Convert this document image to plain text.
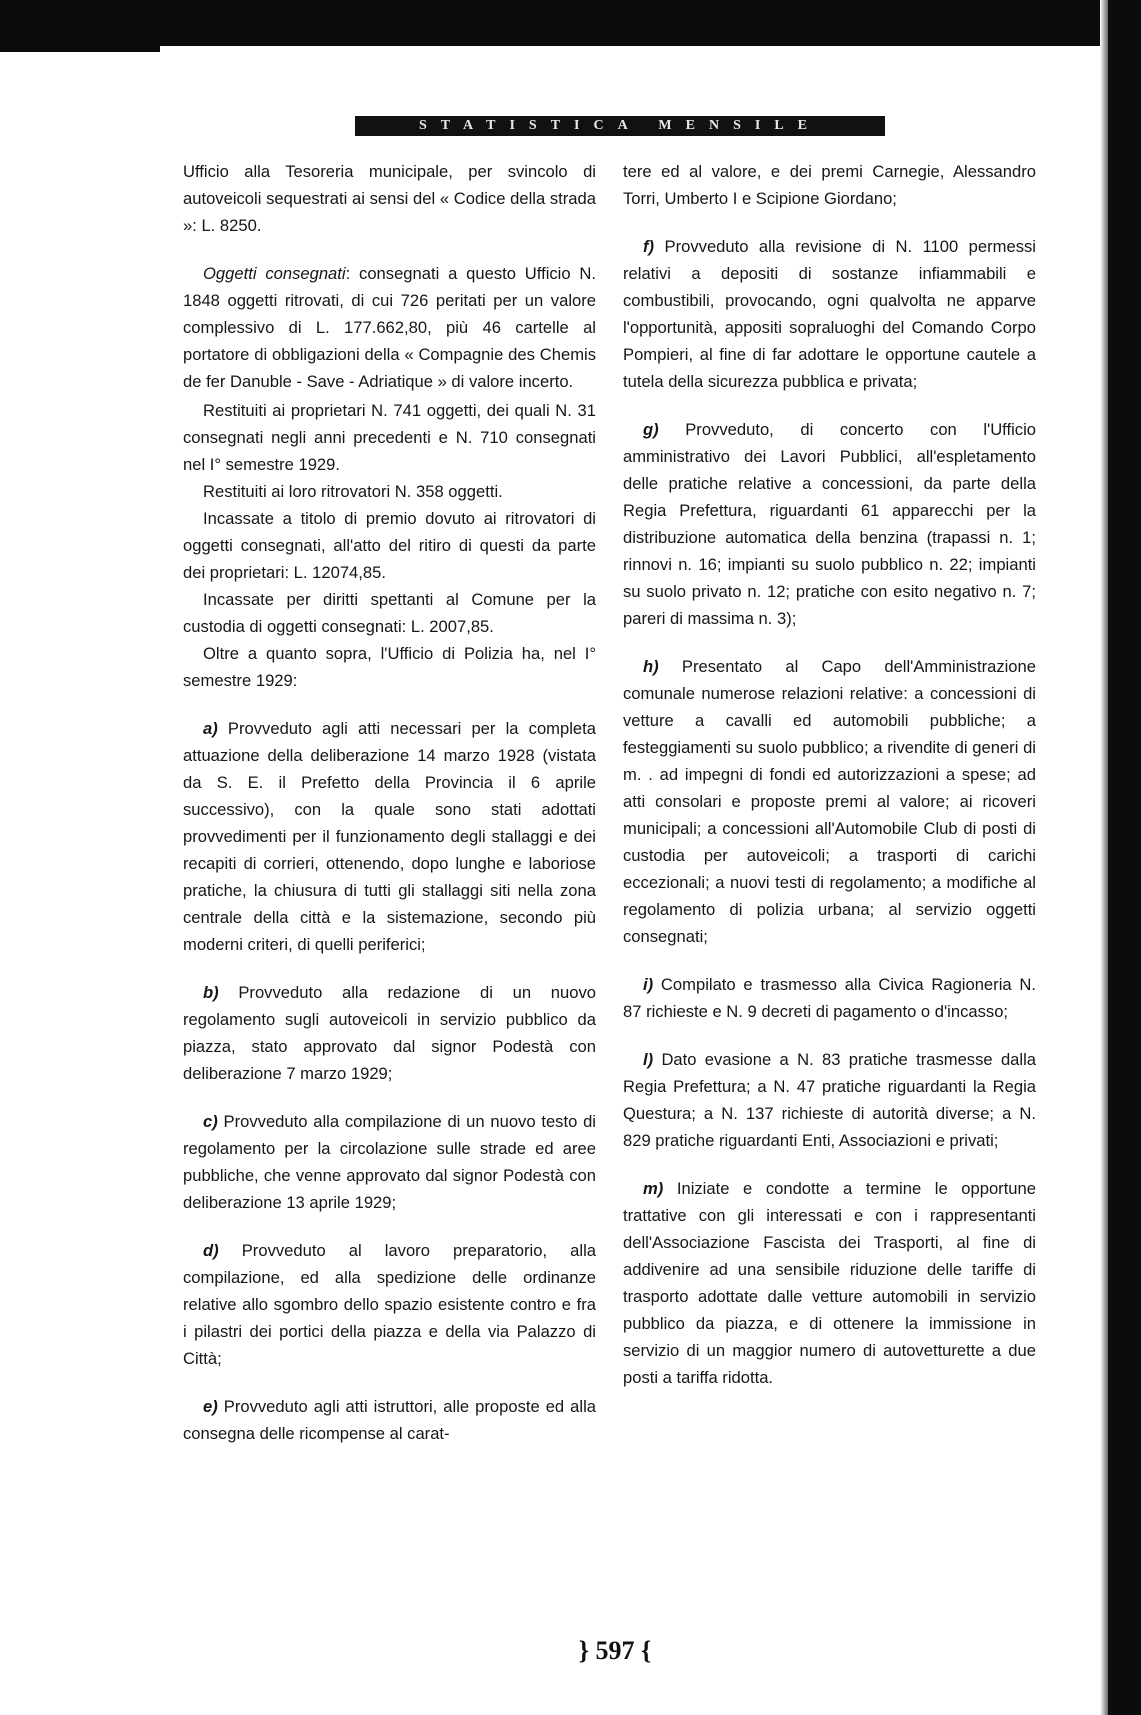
STATISTICA MENSILE

Ufficio alla Tesoreria municipale, per svincolo di autoveicoli sequestrati ai sensi del « Codice della strada »: L. 8250.

Oggetti consegnati: consegnati a questo Ufficio N. 1848 oggetti ritrovati, di cui 726 peritati per un valore complessivo di L. 177.662,80, più 46 cartelle al portatore di obbligazioni della « Compagnie des Chemis de fer Danuble - Save - Adriatique » di valore incerto.

Restituiti ai proprietari N. 741 oggetti, dei quali N. 31 consegnati negli anni precedenti e N. 710 consegnati nel I° semestre 1929.

Restituiti ai loro ritrovatori N. 358 oggetti.

Incassate a titolo di premio dovuto ai ritrovatori di oggetti consegnati, all'atto del ritiro di questi da parte dei proprietari: L. 12074,85.

Incassate per diritti spettanti al Comune per la custodia di oggetti consegnati: L. 2007,85.

Oltre a quanto sopra, l'Ufficio di Polizia ha, nel I° semestre 1929:

a) Provveduto agli atti necessari per la completa attuazione della deliberazione 14 marzo 1928 (vistata da S. E. il Prefetto della Provincia il 6 aprile successivo), con la quale sono stati adottati provvedimenti per il funzionamento degli stallaggi e dei recapiti di corrieri, ottenendo, dopo lunghe e laboriose pratiche, la chiusura di tutti gli stallaggi siti nella zona centrale della città e la sistemazione, secondo più moderni criteri, di quelli periferici;

b) Provveduto alla redazione di un nuovo regolamento sugli autoveicoli in servizio pubblico da piazza, stato approvato dal signor Podestà con deliberazione 7 marzo 1929;

c) Provveduto alla compilazione di un nuovo testo di regolamento per la circolazione sulle strade ed aree pubbliche, che venne approvato dal signor Podestà con deliberazione 13 aprile 1929;

d) Provveduto al lavoro preparatorio, alla compilazione, ed alla spedizione delle ordinanze relative allo sgombro dello spazio esistente contro e fra i pilastri dei portici della piazza e della via Palazzo di Città;

e) Provveduto agli atti istruttori, alle proposte ed alla consegna delle ricompense al carat-

tere ed al valore, e dei premi Carnegie, Alessandro Torri, Umberto I e Scipione Giordano;

f) Provveduto alla revisione di N. 1100 permessi relativi a depositi di sostanze infiammabili e combustibili, provocando, ogni qualvolta ne apparve l'opportunità, appositi sopraluoghi del Comando Corpo Pompieri, al fine di far adottare le opportune cautele a tutela della sicurezza pubblica e privata;

g) Provveduto, di concerto con l'Ufficio amministrativo dei Lavori Pubblici, all'espletamento delle pratiche relative a concessioni, da parte della Regia Prefettura, riguardanti 61 apparecchi per la distribuzione automatica della benzina (trapassi n. 1; rinnovi n. 16; impianti su suolo pubblico n. 22; impianti su suolo privato n. 12; pratiche con esito negativo n. 7; pareri di massima n. 3);

h) Presentato al Capo dell'Amministrazione comunale numerose relazioni relative: a concessioni di vetture a cavalli ed automobili pubbliche; a festeggiamenti su suolo pubblico; a rivendite di generi di m. . ad impegni di fondi ed autorizzazioni a spese; ad atti consolari e proposte premi al valore; ai ricoveri municipali; a concessioni all'Automobile Club di posti di custodia per autoveicoli; a trasporti di carichi eccezionali; a nuovi testi di regolamento; a modifiche al regolamento di polizia urbana; al servizio oggetti consegnati;

i) Compilato e trasmesso alla Civica Ragioneria N. 87 richieste e N. 9 decreti di pagamento o d'incasso;

l) Dato evasione a N. 83 pratiche trasmesse dalla Regia Prefettura; a N. 47 pratiche riguardanti la Regia Questura; a N. 137 richieste di autorità diverse; a N. 829 pratiche riguardanti Enti, Associazioni e privati;

m) Iniziate e condotte a termine le opportune trattative con gli interessati e con i rappresentanti dell'Associazione Fascista dei Trasporti, al fine di addivenire ad una sensibile riduzione delle tariffe di trasporto adottate dalle vetture automobili in servizio pubblico da piazza, e di ottenere la immissione in servizio di un maggior numero di autovetturette a due posti a tariffa ridotta.

} 597 {
